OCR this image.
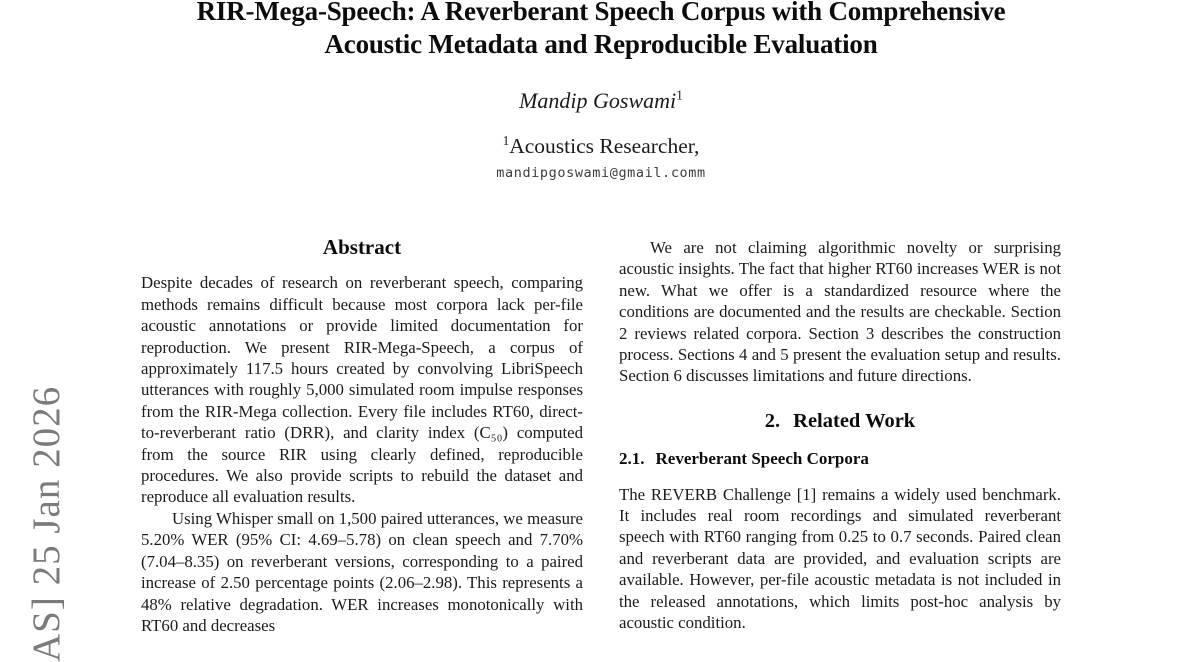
AS] 25 Jan 2026
RIR-Mega-Speech: A Reverberant Speech Corpus with Comprehensive
Acoustic Metadata and Reproducible Evaluation
Mandip Goswami$^1$
$^1$Acoustics Researcher,
mandipgoswami@gmail.comm
Abstract

Despite decades of research on reverberant speech, comparing methods remains difficult because most corpora lack per-file acoustic annotations or provide limited documentation for reproduction. We present RIR-Mega-Speech, a corpus of approximately 117.5 hours created by convolving LibriSpeech utterances with roughly 5,000 simulated room impulse responses from the RIR-Mega collection. Every file includes RT60, direct-to-reverberant ratio (DRR), and clarity index (C₅₀) computed from the source RIR using clearly defined, reproducible procedures. We also provide scripts to rebuild the dataset and reproduce all evaluation results.

Using Whisper small on 1,500 paired utterances, we measure 5.20% WER (95% CI: 4.69–5.78) on clean speech and 7.70% (7.04–8.35) on reverberant versions, corresponding to a paired increase of 2.50 percentage points (2.06–2.98). This represents a 48% relative degradation. WER increases monotonically with RT60 and decreases

We are not claiming algorithmic novelty or surprising acoustic insights. The fact that higher RT60 increases WER is not new. What we offer is a standardized resource where the conditions are documented and the results are checkable. Section 2 reviews related corpora. Section 3 describes the construction process. Sections 4 and 5 present the evaluation setup and results. Section 6 discusses limitations and future directions.

2. Related Work
2.1. Reverberant Speech Corpora

The REVERB Challenge [1] remains a widely used benchmark. It includes real room recordings and simulated reverberant speech with RT60 ranging from 0.25 to 0.7 seconds. Paired clean and reverberant data are provided, and evaluation scripts are available. However, per-file acoustic metadata is not included in the released annotations, which limits post-hoc analysis by acoustic condition.
